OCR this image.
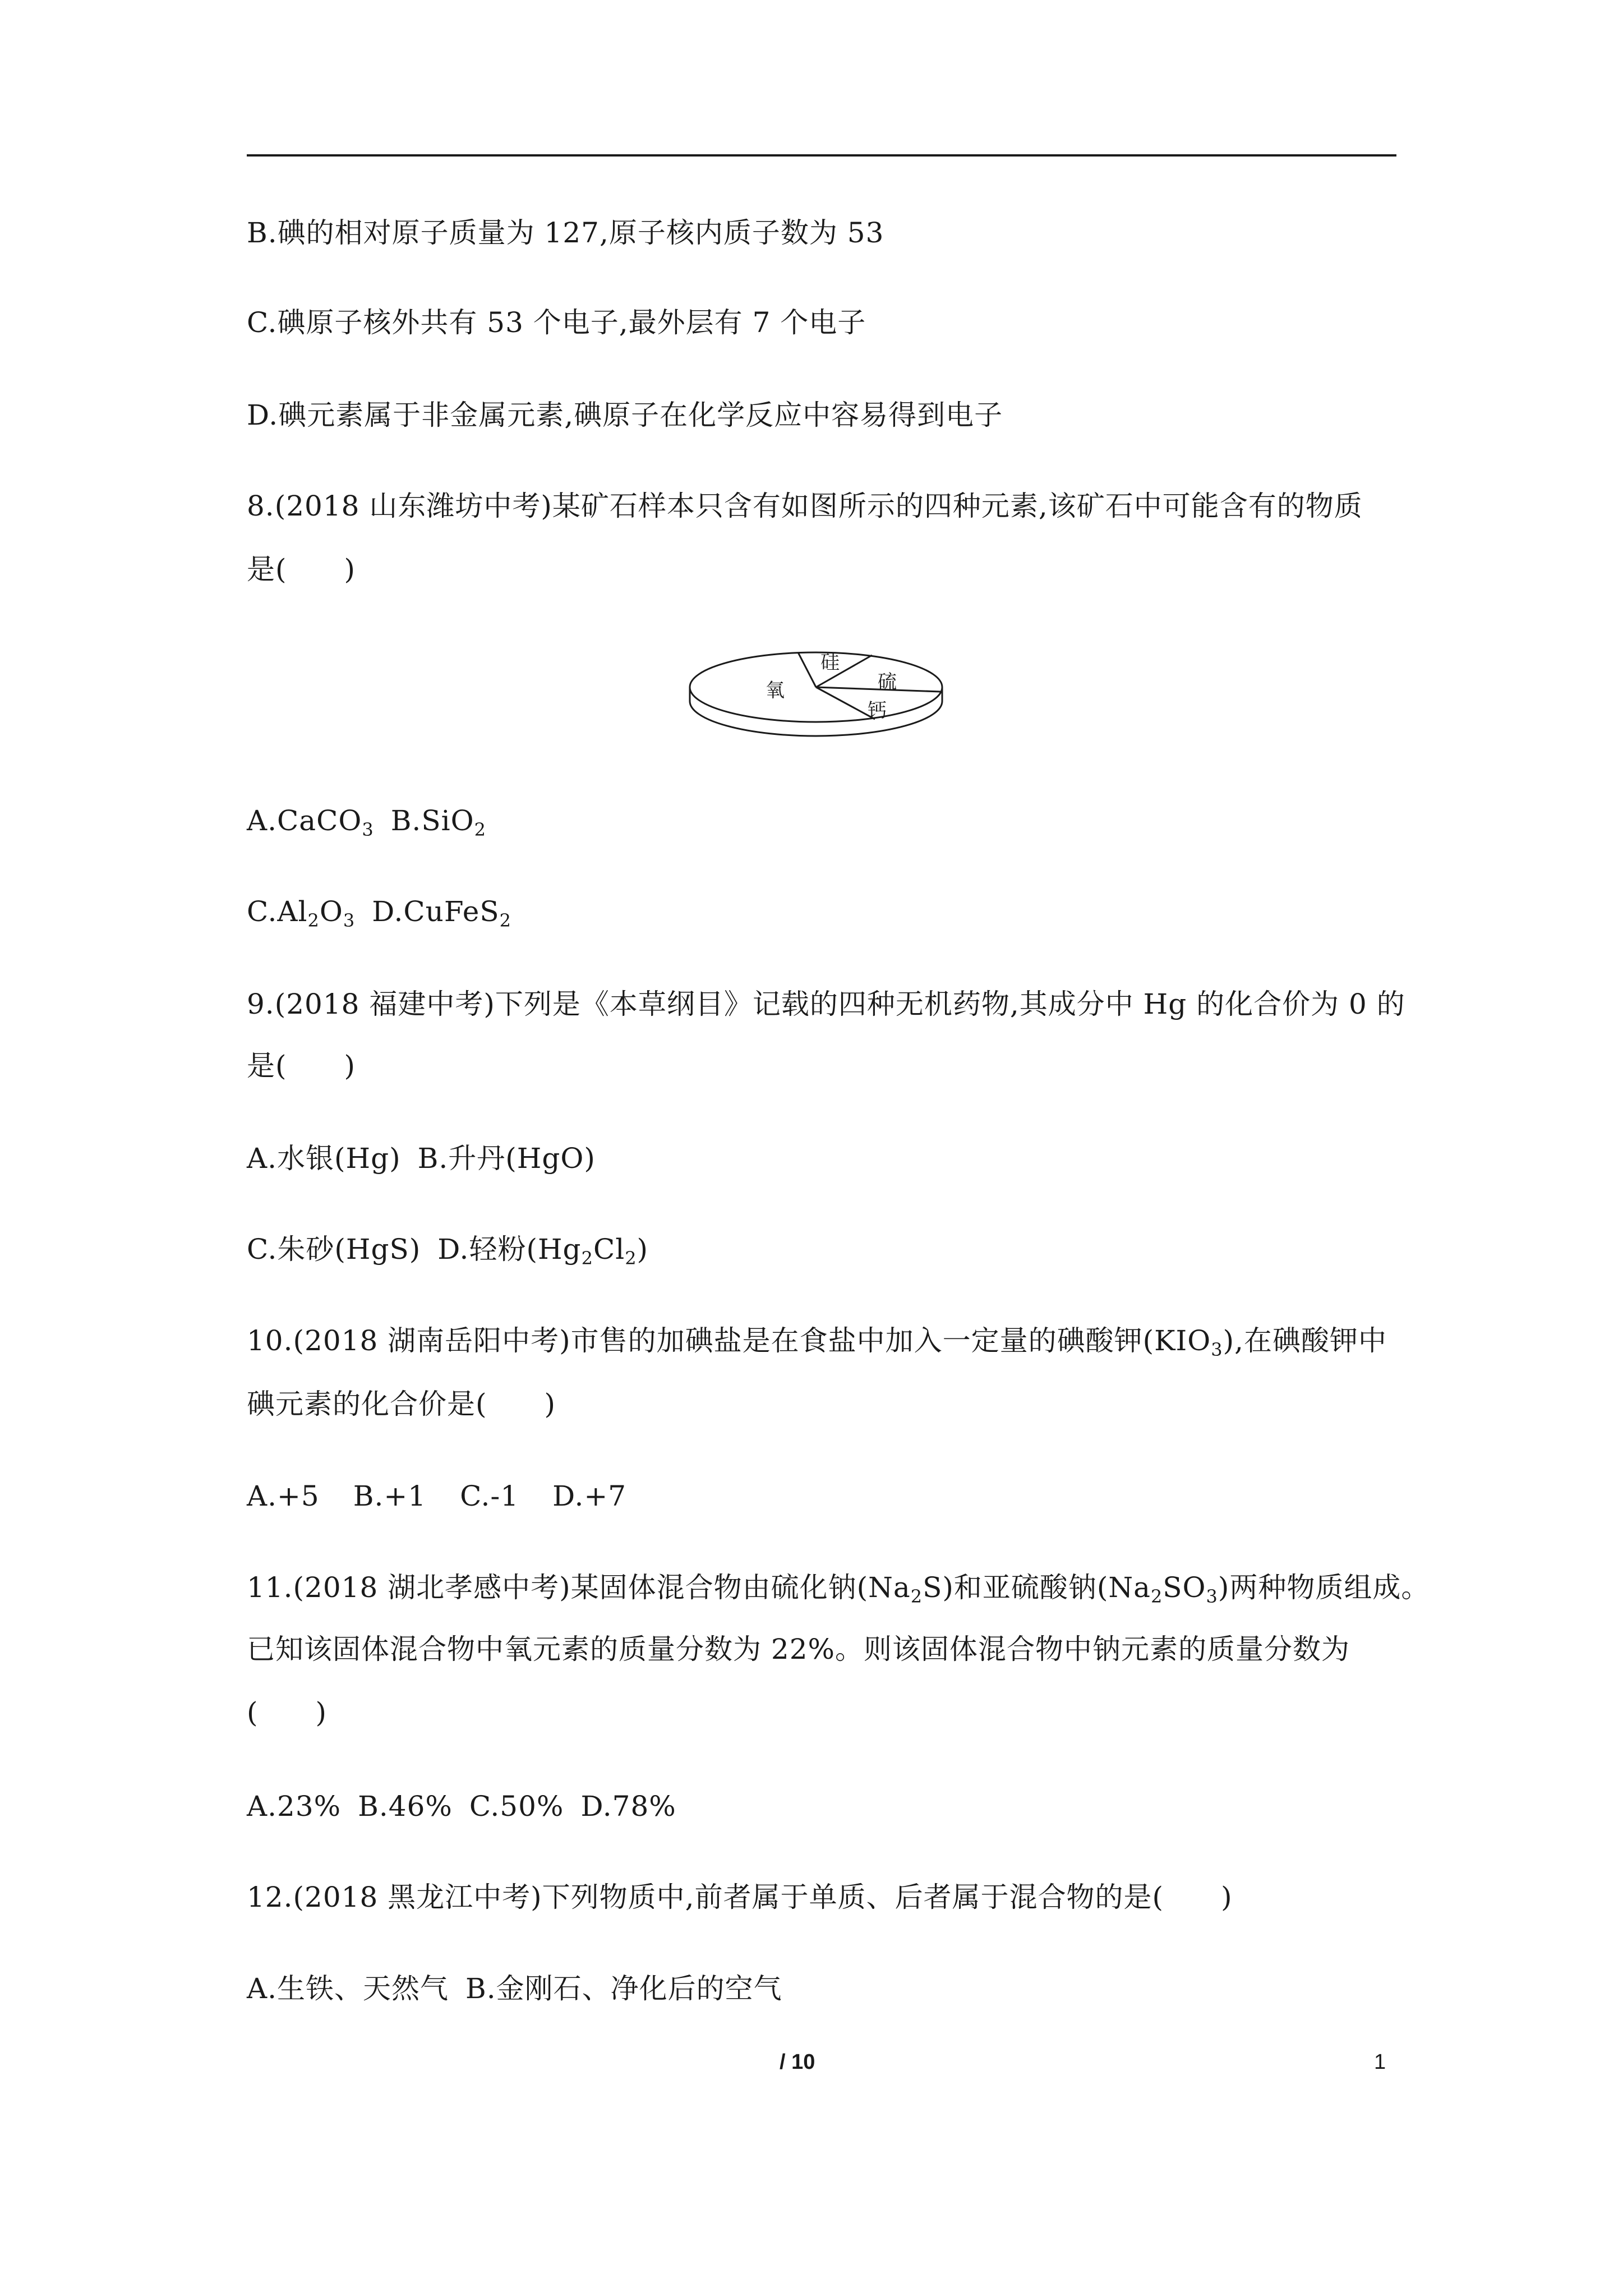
B.碘的相对原子质量为 127,原子核内质子数为 53
C.碘原子核外共有 53 个电子,最外层有 7 个电子
D.碘元素属于非金属元素,碘原子在化学反应中容易得到电子
8.(2018 山东潍坊中考)某矿石样本只含有如图所示的四种元素,该矿石中可能含有的物质
是(　　)
氧
硅
硫
钙
A.CaCO$_3$ B.SiO$_2$
$C.Al_2O_3$ D.CuFeS$_2$
9.(2018 福建中考)下列是《本草纲目》记载的四种无机药物,其成分中 Hg 的化合价为 0 的
是(　　)
A.水银(Hg) B.升丹(HgO)
C.朱砂(HgS) D.轻粉$(Hg_2Cl_2)$
10.(2018 湖南岳阳中考)市售的加碘盐是在食盐中加入一定量的碘酸钾$(KIO_3)$,在碘酸钾中
碘元素的化合价是(　　)
A.+5 B.+1 C.-1 D.+7
11.(2018 湖北孝感中考)某固体混合物由硫化钠$(Na_2S)$和亚硫酸钠$(Na_2SO_3)$两种物质组成。
已知该固体混合物中氧元素的质量分数为 22%。则该固体混合物中钠元素的质量分数为
(　　)
A.23% B.46% C.50% D.78%
12.(2018 黑龙江中考)下列物质中,前者属于单质、后者属于混合物的是(　　)
A.生铁、天然气 B.金刚石、净化后的空气
/ 10	1
